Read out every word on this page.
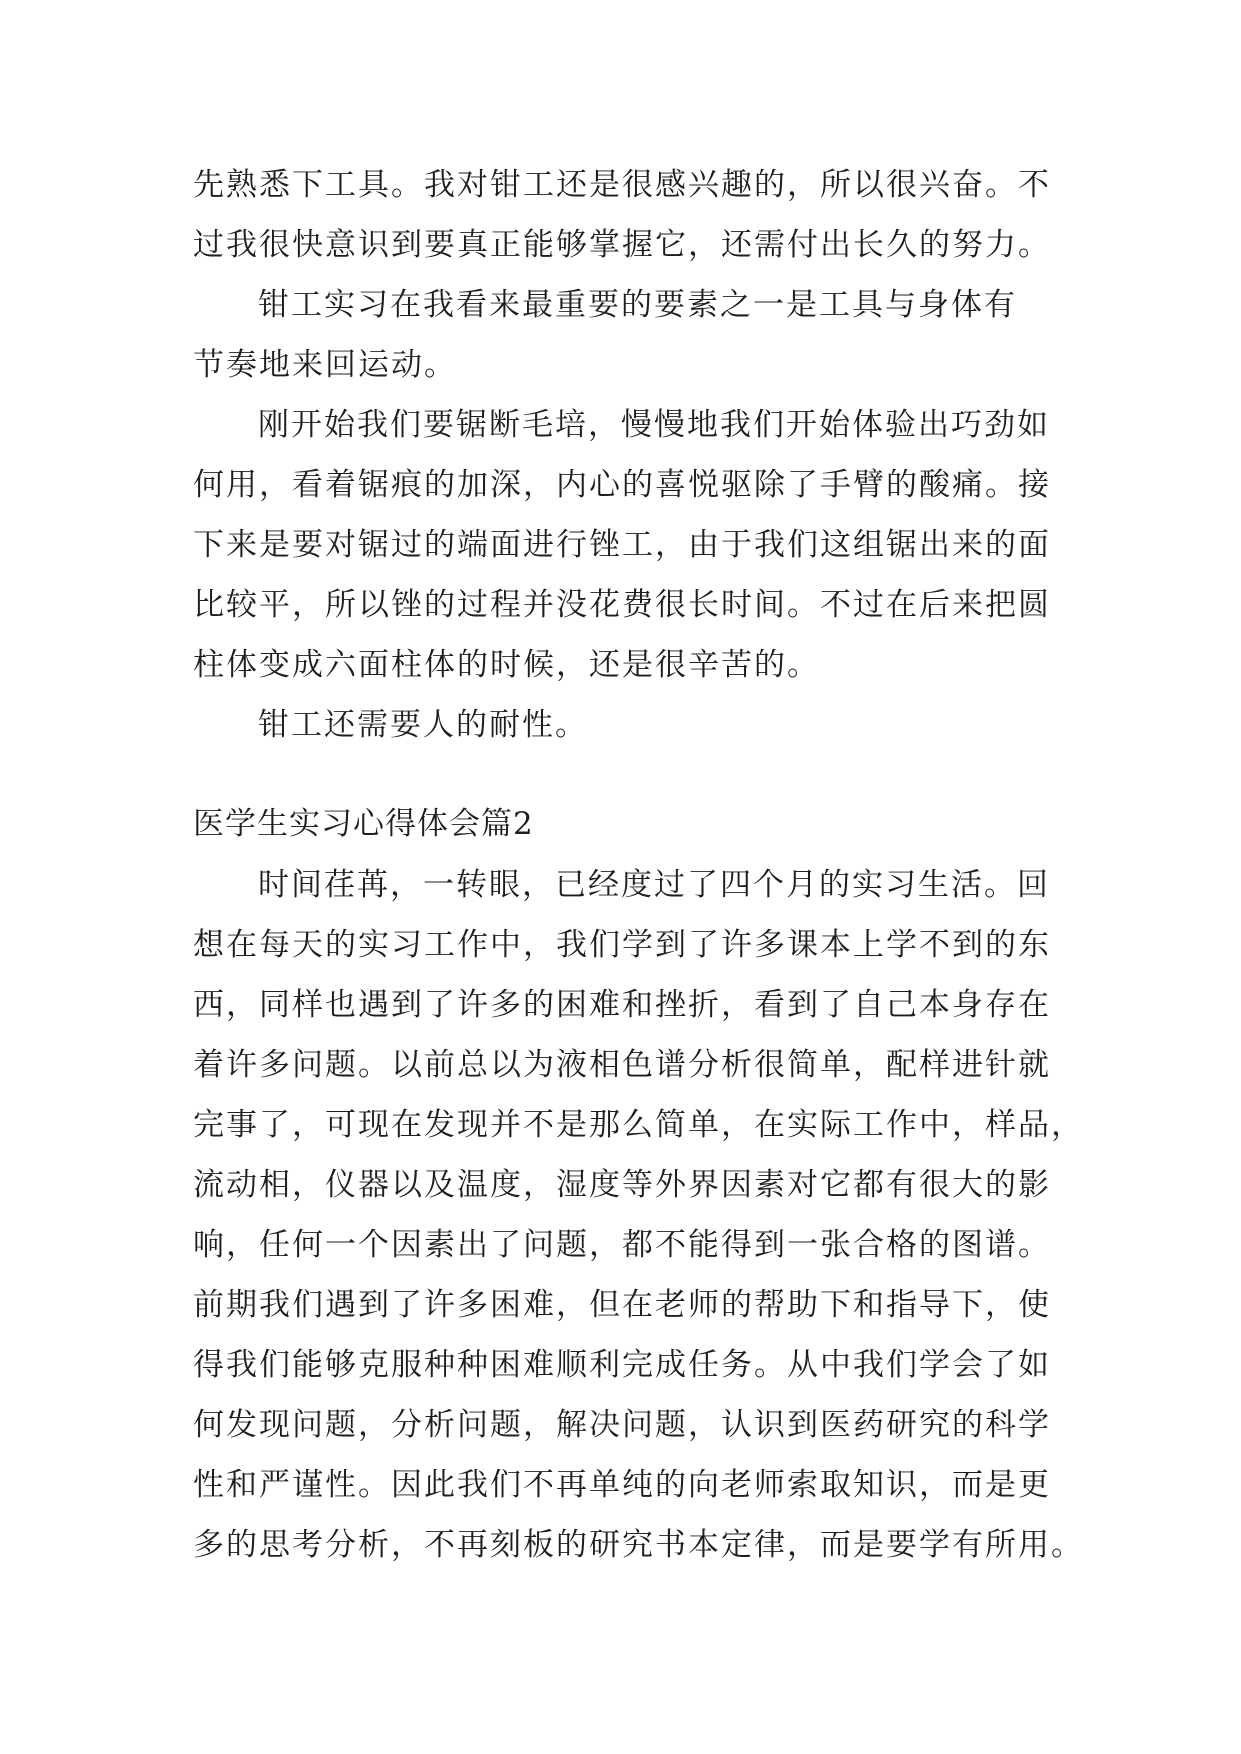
先熟悉下工具。我对钳工还是很感兴趣的，所以很兴奋。不

过我很快意识到要真正能够掌握它，还需付出长久的努力。

钳工实习在我看来最重要的要素之一是工具与身体有

节奏地来回运动。

刚开始我们要锯断毛培，慢慢地我们开始体验出巧劲如

何用，看着锯痕的加深，内心的喜悦驱除了手臂的酸痛。接

下来是要对锯过的端面进行锉工，由于我们这组锯出来的面

比较平，所以锉的过程并没花费很长时间。不过在后来把圆

柱体变成六面柱体的时候，还是很辛苦的。

钳工还需要人的耐性。

医学生实习心得体会篇2

时间荏苒，一转眼，已经度过了四个月的实习生活。回

想在每天的实习工作中，我们学到了许多课本上学不到的东

西，同样也遇到了许多的困难和挫折，看到了自己本身存在

着许多问题。以前总以为液相色谱分析很简单，配样进针就

完事了，可现在发现并不是那么简单，在实际工作中，样品，

流动相，仪器以及温度，湿度等外界因素对它都有很大的影

响，任何一个因素出了问题，都不能得到一张合格的图谱。

前期我们遇到了许多困难，但在老师的帮助下和指导下，使

得我们能够克服种种困难顺利完成任务。从中我们学会了如

何发现问题，分析问题，解决问题，认识到医药研究的科学

性和严谨性。因此我们不再单纯的向老师索取知识，而是更

多的思考分析，不再刻板的研究书本定律，而是要学有所用。
